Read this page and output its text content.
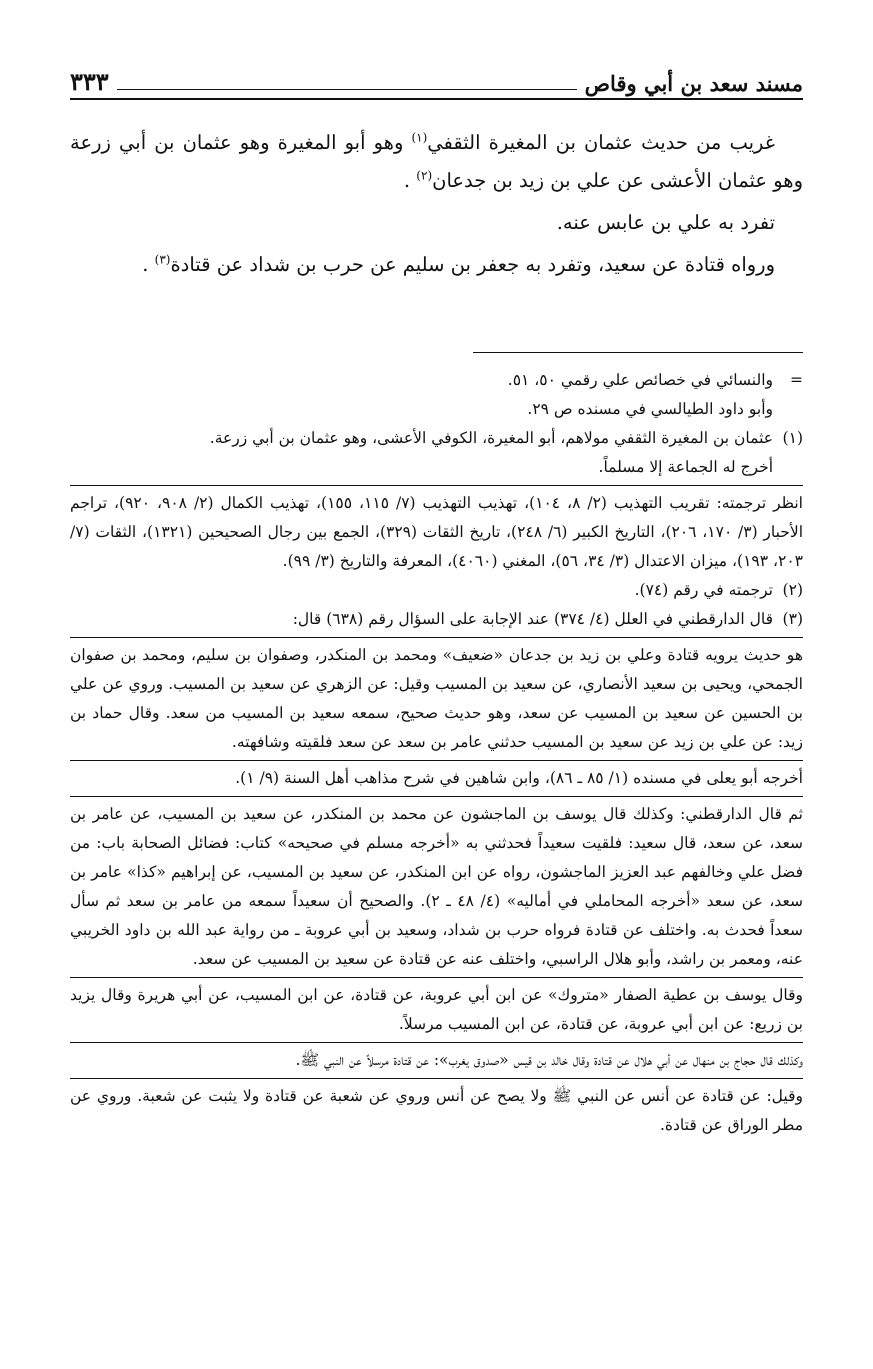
مسند سعد بن أبي وقاص
٣٣٣

غريب من حديث عثمان بن المغيرة الثقفي$^{(١)}$ وهو أبو المغيرة وهو عثمان بن أبي زرعة وهو عثمان الأعشى عن علي بن زيد بن جدعان$^{(٢)}$ .

تفرد به علي بن عابس عنه.

ورواه قتادة عن سعيد، وتفرد به جعفر بن سليم عن حرب بن شداد عن قتادة$^{(٣)}$ .

=
والنسائي في خصائص علي رقمي ٥٠، ٥١.
وأبو داود الطيالسي في مسنده ص ٢٩.
(١)
عثمان بن المغيرة الثقفي مولاهم، أبو المغيرة، الكوفي الأعشى، وهو عثمان بن أبي زرعة.
أخرج له الجماعة إلا مسلماً.

انظر ترجمته: تقريب التهذيب (٢/ ٨، ١٠٤)، تهذيب التهذيب (٧/ ١١٥، ١٥٥)، تهذيب الكمال (٢/ ٩٠٨، ٩٢٠)، تراجم الأحبار (٣/ ١٧٠، ٢٠٦)، التاريخ الكبير (٦/ ٢٤٨)، تاريخ الثقات (٣٢٩)، الجمع بين رجال الصحيحين (١٣٢١)، الثقات (٧/ ٢٠٣، ١٩٣)، ميزان الاعتدال (٣/ ٣٤، ٥٦)، المغني (٤٠٦٠)، المعرفة والتاريخ (٣/ ٩٩).

(٢)
ترجمته في رقم (٧٤).
(٣)
قال الدارقطني في العلل (٤/ ٣٧٤) عند الإجابة على السؤال رقم (٦٣٨) قال:

هو حديث يرويه قتادة وعلي بن زيد بن جدعان «ضعيف» ومحمد بن المنكدر، وصفوان بن سليم، ومحمد بن صفوان الجمحي، ويحيى بن سعيد الأنصاري، عن سعيد بن المسيب وقيل: عن الزهري عن سعيد بن المسيب. وروي عن علي بن الحسين عن سعيد بن المسيب عن سعد، وهو حديث صحيح، سمعه سعيد بن المسيب من سعد. وقال حماد بن زيد: عن علي بن زيد عن سعيد بن المسيب حدثني عامر بن سعد عن سعد فلقيته وشافهته.

أخرجه أبو يعلى في مسنده (١/ ٨٥ ـ ٨٦)، وابن شاهين في شرح مذاهب أهل السنة (٩/ ١).

ثم قال الدارقطني: وكذلك قال يوسف بن الماجشون عن محمد بن المنكدر، عن سعيد بن المسيب، عن عامر بن سعد، عن سعد، قال سعيد: فلقيت سعيداً فحدثني به «أخرجه مسلم في صحيحه» كتاب: فضائل الصحابة باب: من فضل علي وخالفهم عبد العزيز الماجشون، رواه عن ابن المنكدر، عن سعيد بن المسيب، عن إبراهيم «كذا» عامر بن سعد، عن سعد «أخرجه المحاملي في أماليه» (٤/ ٤٨ ـ ٢). والصحيح أن سعيداً سمعه من عامر بن سعد ثم سأل سعداً فحدث به. واختلف عن قتادة فرواه حرب بن شداد، وسعيد بن أبي عروبة ـ من رواية عبد الله بن داود الخريبي عنه، ومعمر بن راشد، وأبو هلال الراسبي، واختلف عنه عن قتادة عن سعيد بن المسيب عن سعد.

وقال يوسف بن عطية الصفار «متروك» عن ابن أبي عروبة، عن قتادة، عن ابن المسيب، عن أبي هريرة وقال يزيد بن زريع: عن ابن أبي عروبة، عن قتادة، عن ابن المسيب مرسلاً.

وكذلك قال حجاج بن منهال عن أبي هلال عن قتادة وقال خالد بن قيس «صدوق يغرب»: عن قتادة مرسلاً عن النبي ﷺ.

وقيل: عن قتادة عن أنس عن النبي ﷺ ولا يصح عن أنس وروي عن شعبة عن قتادة ولا يثبت عن شعبة. وروي عن مطر الوراق عن قتادة.
